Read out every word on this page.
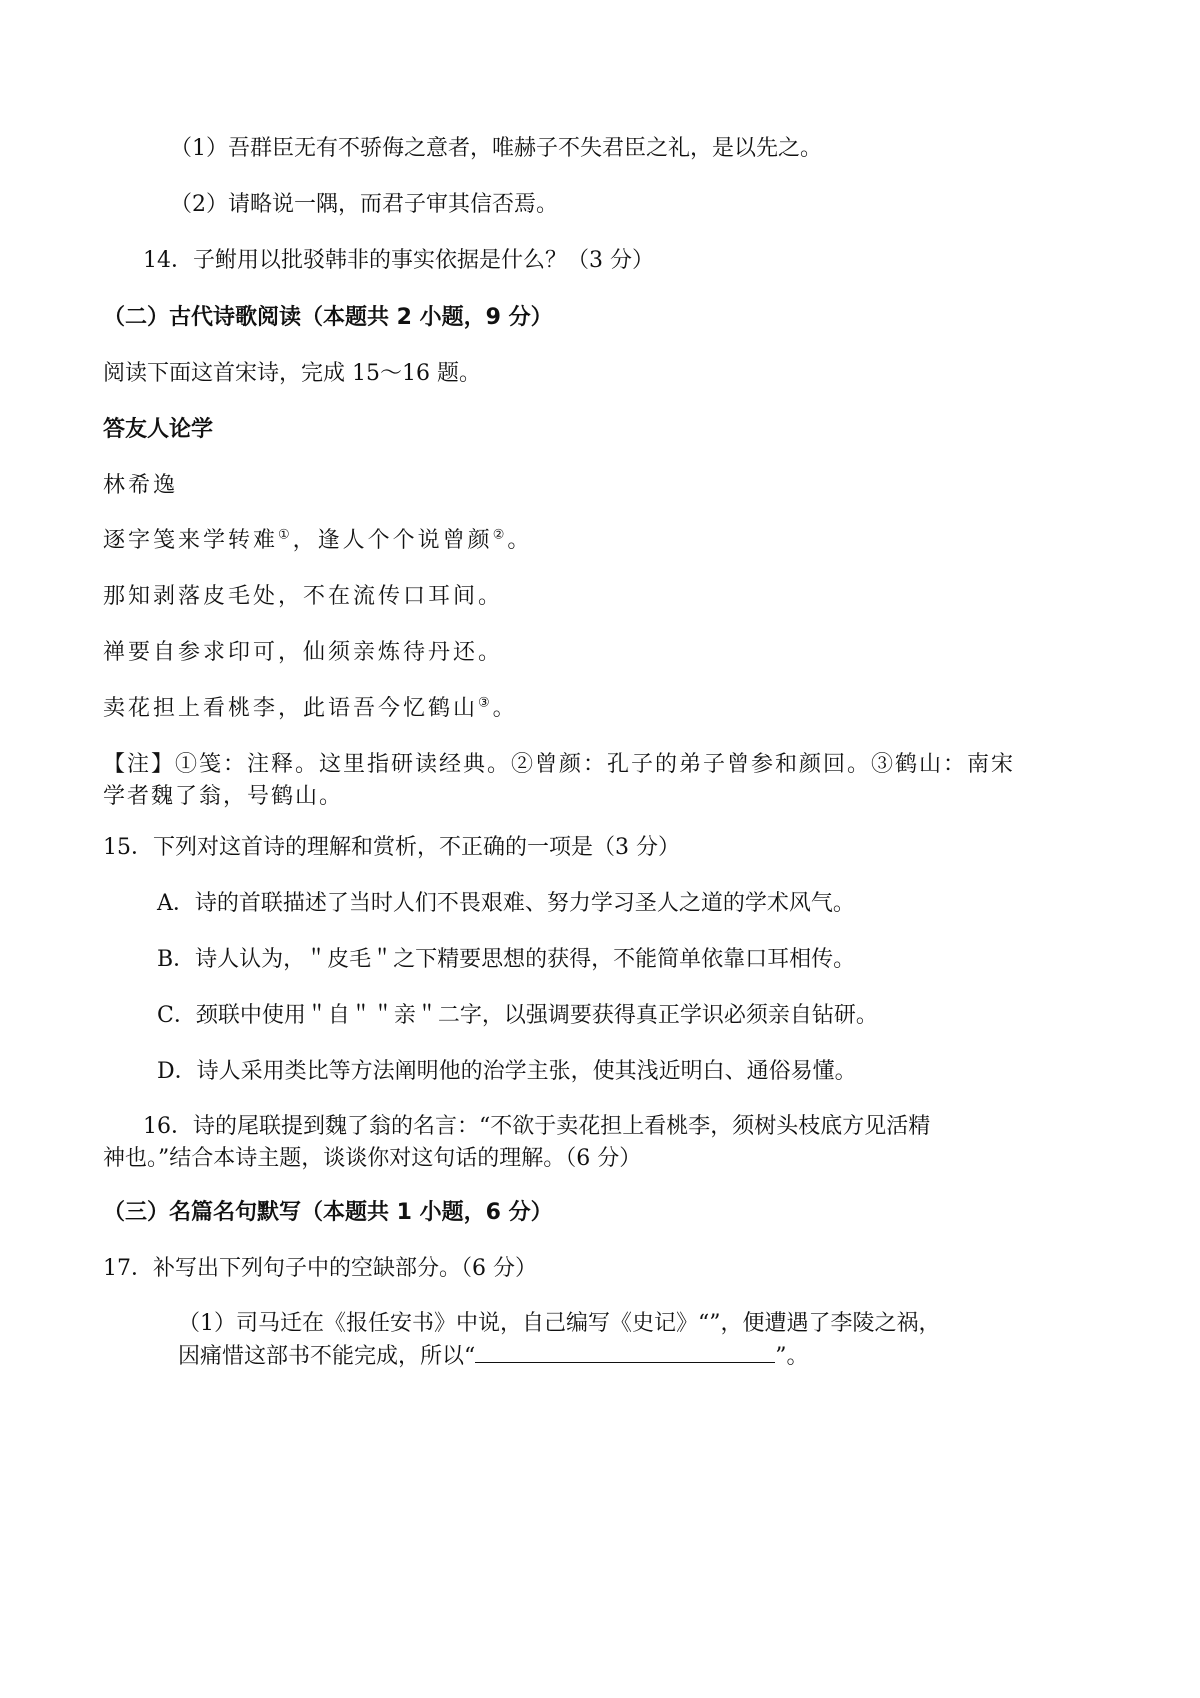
（1）吾群臣无有不骄侮之意者，唯赫子不失君臣之礼，是以先之。
（2）请略说一隅，而君子审其信否焉。
14．子鲋用以批驳韩非的事实依据是什么？（3 分）
（二）古代诗歌阅读（本题共 2 小题，9 分）
阅读下面这首宋诗，完成 15～16 题。
答友人论学
林希逸
逐字笺来学转难①，逢人个个说曾颜②。
那知剥落皮毛处，不在流传口耳间。
禅要自参求印可，仙须亲炼待丹还。
卖花担上看桃李，此语吾今忆鹤山③。
【注】①笺：注释。这里指研读经典。②曾颜：孔子的弟子曾参和颜回。③鹤山：南宋
学者魏了翁，号鹤山。
15．下列对这首诗的理解和赏析，不正确的一项是（3 分）
A．诗的首联描述了当时人们不畏艰难、努力学习圣人之道的学术风气。
B．诗人认为，＂皮毛＂之下精要思想的获得，不能简单依靠口耳相传。
C．颈联中使用＂自＂＂亲＂二字，以强调要获得真正学识必须亲自钻研。
D．诗人采用类比等方法阐明他的治学主张，使其浅近明白、通俗易懂。
16．诗的尾联提到魏了翁的名言：“不欲于卖花担上看桃李，须树头枝底方见活精
神也。”结合本诗主题，谈谈你对这句话的理解。（6 分）
（三）名篇名句默写（本题共 1 小题，6 分）
17．补写出下列句子中的空缺部分。（6 分）
（1）司马迁在《报任安书》中说，自己编写《史记》“”，便遭遇了李陵之祸，
因痛惜这部书不能完成，所以“	”。
